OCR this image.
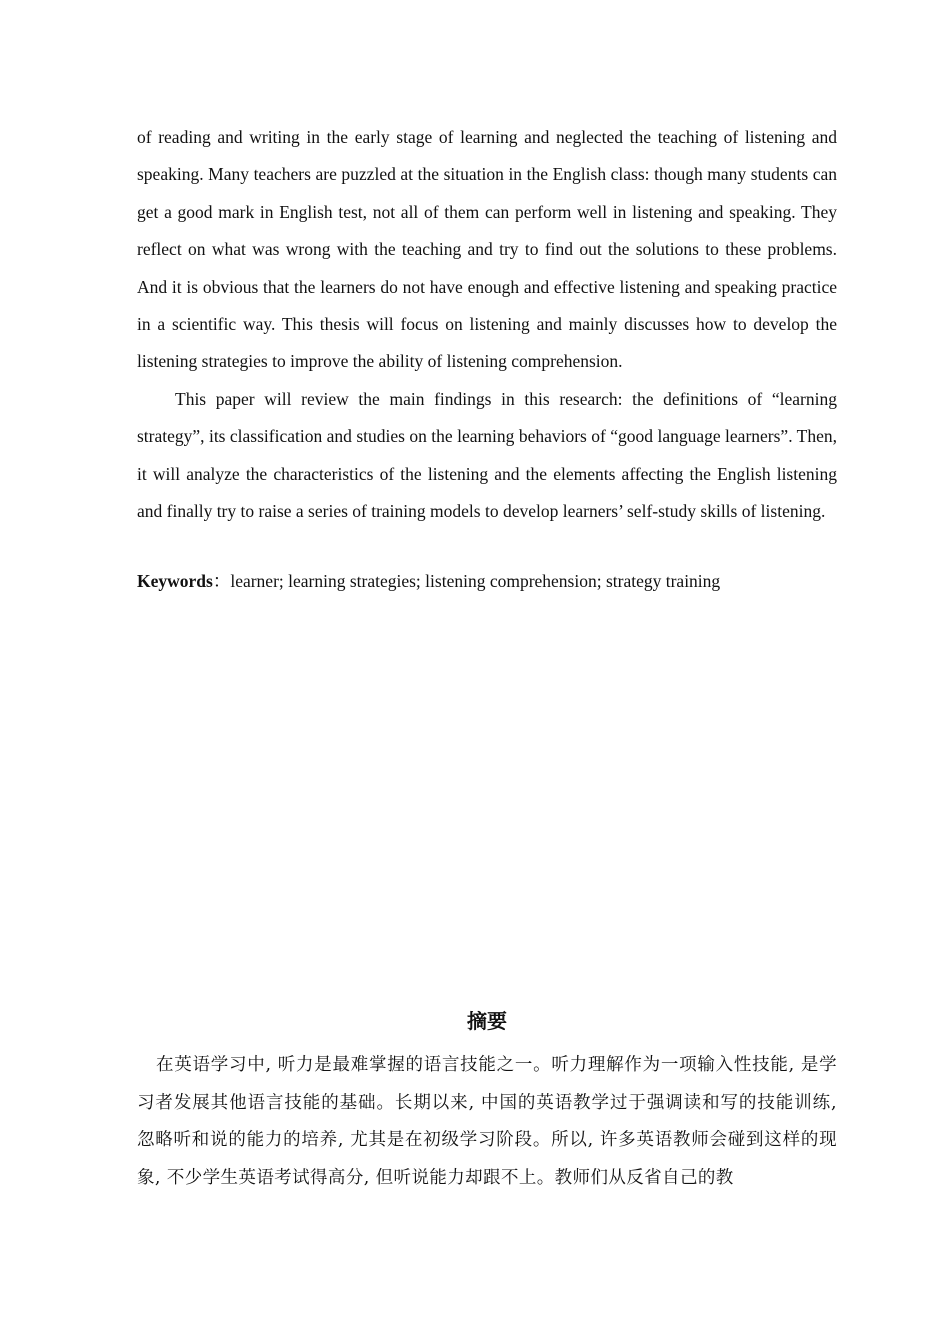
of reading and writing in the early stage of learning and neglected the teaching of listening and speaking. Many teachers are puzzled at the situation in the English class: though many students can get a good mark in English test, not all of them can perform well in listening and speaking. They reflect on what was wrong with the teaching and try to find out the solutions to these problems. And it is obvious that the learners do not have enough and effective listening and speaking practice in a scientific way. This thesis will focus on listening and mainly discusses how to develop the listening strategies to improve the ability of listening comprehension.

This paper will review the main findings in this research: the definitions of “learning strategy”, its classification and studies on the learning behaviors of “good language learners”. Then, it will analyze the characteristics of the listening and the elements affecting the English listening and finally try to raise a series of training models to develop learners’ self-study skills of listening.

Keywords：learner; learning strategies; listening comprehension; strategy training

摘要

在英语学习中, 听力是最难掌握的语言技能之一。听力理解作为一项输入性技能, 是学习者发展其他语言技能的基础。长期以来, 中国的英语教学过于强调读和写的技能训练, 忽略听和说的能力的培养, 尤其是在初级学习阶段。所以, 许多英语教师会碰到这样的现象, 不少学生英语考试得高分, 但听说能力却跟不上。教师们从反省自己的教
